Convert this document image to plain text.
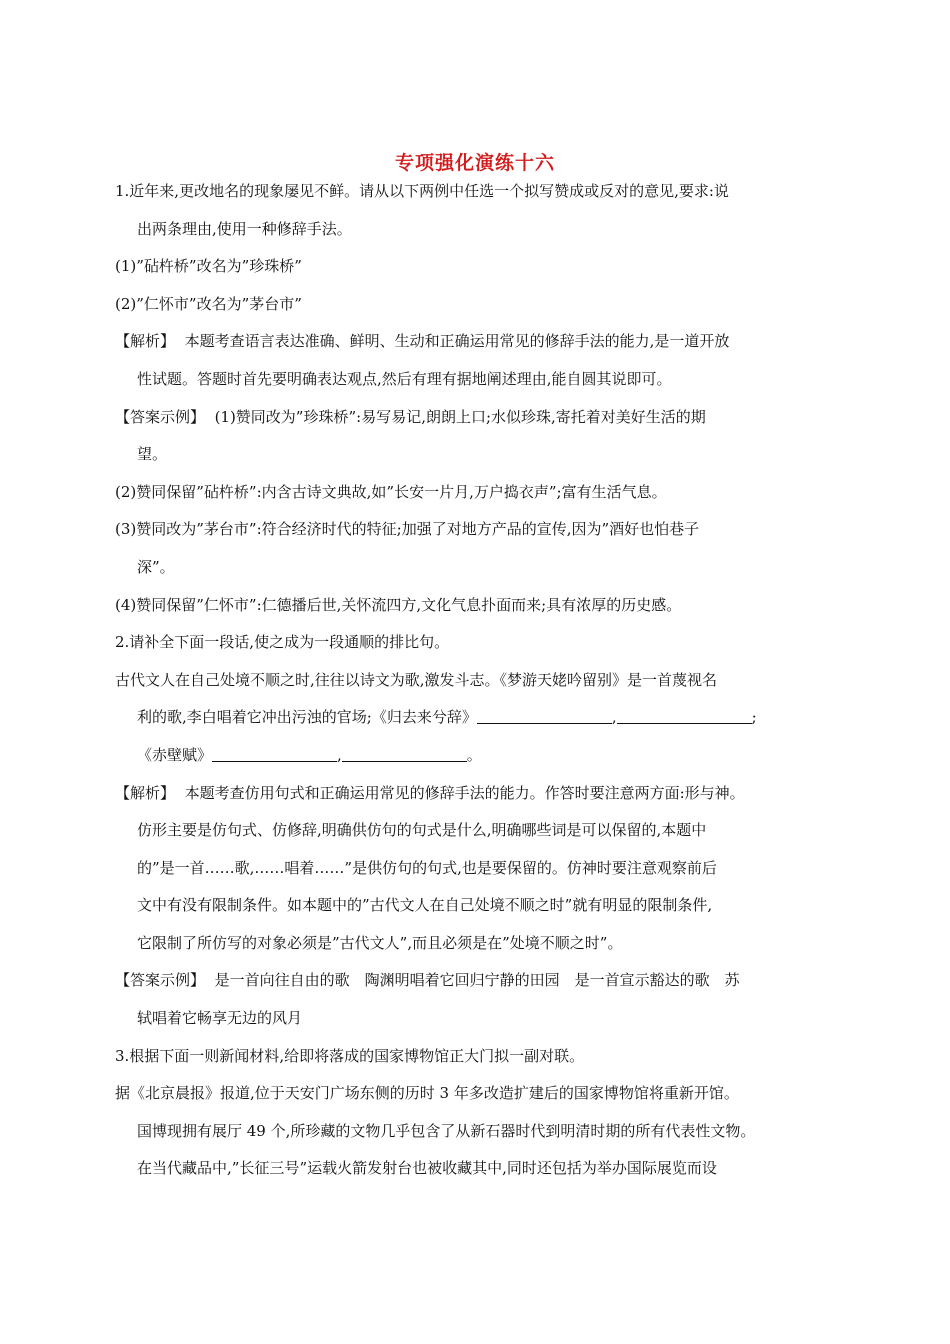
专项强化演练十六

1.近年来,更改地名的现象屡见不鲜。请从以下两例中任选一个拟写赞成或反对的意见,要求:说
出两条理由,使用一种修辞手法。

(1)”砧杵桥”改名为”珍珠桥”

(2)”仁怀市”改名为”茅台市”

【解析】 本题考查语言表达准确、鲜明、生动和正确运用常见的修辞手法的能力,是一道开放
性试题。答题时首先要明确表达观点,然后有理有据地阐述理由,能自圆其说即可。

【答案示例】 (1)赞同改为”珍珠桥”:易写易记,朗朗上口;水似珍珠,寄托着对美好生活的期
望。

(2)赞同保留”砧杵桥”:内含古诗文典故,如”长安一片月,万户捣衣声”;富有生活气息。

(3)赞同改为”茅台市”:符合经济时代的特征;加强了对地方产品的宣传,因为”酒好也怕巷子
深”。

(4)赞同保留”仁怀市”:仁德播后世,关怀流四方,文化气息扑面而来;具有浓厚的历史感。

2.请补全下面一段话,使之成为一段通顺的排比句。

古代文人在自己处境不顺之时,往往以诗文为歌,激发斗志。《梦游天姥吟留别》是一首蔑视名
利的歌,李白唱着它冲出污浊的官场;《归去来兮辞》	,	;
《赤壁赋》	,	。

【解析】 本题考查仿用句式和正确运用常见的修辞手法的能力。作答时要注意两方面:形与神。
仿形主要是仿句式、仿修辞,明确供仿句的句式是什么,明确哪些词是可以保留的,本题中
的”是一首……歌,……唱着……”是供仿句的句式,也是要保留的。仿神时要注意观察前后
文中有没有限制条件。如本题中的”古代文人在自己处境不顺之时”就有明显的限制条件,
它限制了所仿写的对象必须是”古代文人”,而且必须是在”处境不顺之时”。

【答案示例】 是一首向往自由的歌　陶渊明唱着它回归宁静的田园　是一首宣示豁达的歌　苏
轼唱着它畅享无边的风月

3.根据下面一则新闻材料,给即将落成的国家博物馆正大门拟一副对联。

据《北京晨报》报道,位于天安门广场东侧的历时 3 年多改造扩建后的国家博物馆将重新开馆。
国博现拥有展厅 49 个,所珍藏的文物几乎包含了从新石器时代到明清时期的所有代表性文物。
在当代藏品中,”长征三号”运载火箭发射台也被收藏其中,同时还包括为举办国际展览而设
